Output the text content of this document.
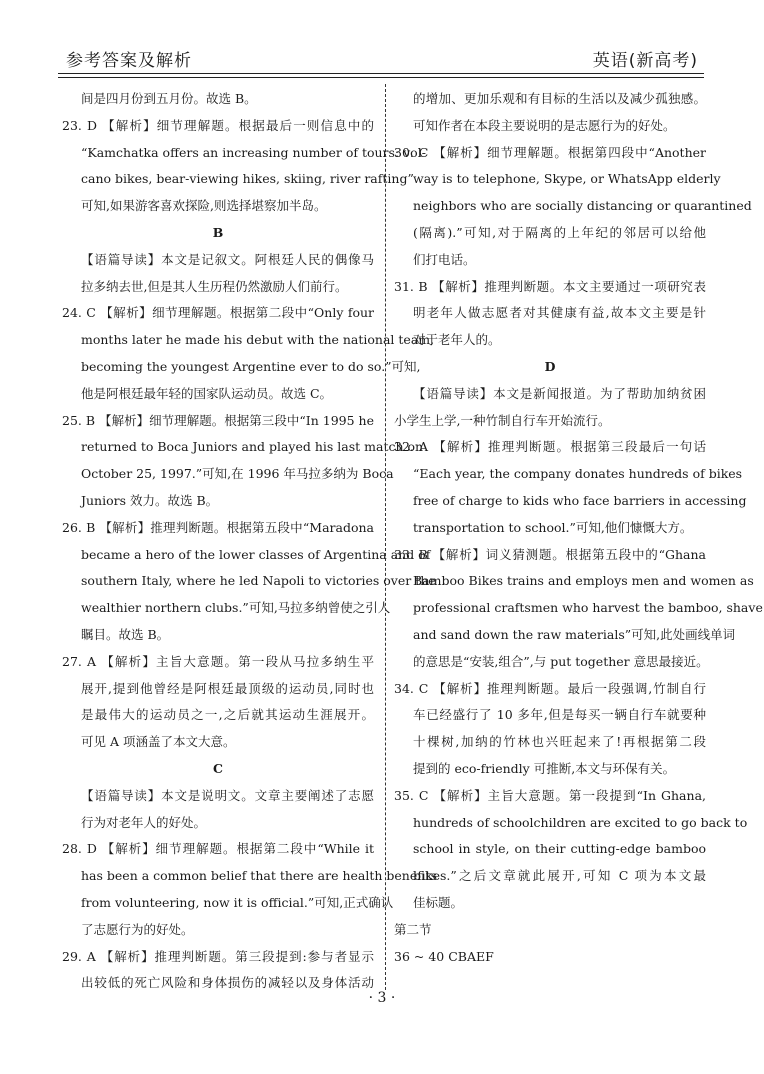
参考答案及解析	英语(新高考)
间是四月份到五月份。故选 B。
23. D 【解析】细节理解题。根据最后一则信息中的
“Kamchatka offers an increasing number of tours: vol-
cano bikes, bear-viewing hikes, skiing, river rafting”
可知,如果游客喜欢探险,则选择堪察加半岛。
B
【语篇导读】本文是记叙文。阿根廷人民的偶像马
拉多纳去世,但是其人生历程仍然激励人们前行。
24. C 【解析】细节理解题。根据第二段中“Only four
months later he made his debut with the national team,
becoming the youngest Argentine ever to do so.”可知,
他是阿根廷最年轻的国家队运动员。故选 C。
25. B 【解析】细节理解题。根据第三段中“In 1995 he
returned to Boca Juniors and played his last match on
October 25, 1997.”可知,在 1996 年马拉多纳为 Boca
Juniors 效力。故选 B。
26. B 【解析】推理判断题。根据第五段中“Maradona
became a hero of the lower classes of Argentina and of
southern Italy, where he led Napoli to victories over the
wealthier northern clubs.”可知,马拉多纳曾使之引人
瞩目。故选 B。
27. A 【解析】主旨大意题。第一段从马拉多纳生平
展开,提到他曾经是阿根廷最顶级的运动员,同时也
是最伟大的运动员之一,之后就其运动生涯展开。
可见 A 项涵盖了本文大意。
C
【语篇导读】本文是说明文。文章主要阐述了志愿
行为对老年人的好处。
28. D 【解析】细节理解题。根据第二段中“While it
has been a common belief that there are health benefits
from volunteering, now it is official.”可知,正式确认
了志愿行为的好处。
29. A 【解析】推理判断题。第三段提到:参与者显示
出较低的死亡风险和身体损伤的减轻以及身体活动
的增加、更加乐观和有目标的生活以及减少孤独感。
可知作者在本段主要说明的是志愿行为的好处。
30. C 【解析】细节理解题。根据第四段中“Another
way is to telephone, Skype, or WhatsApp elderly
neighbors who are socially distancing or quarantined
(隔离).”可知,对于隔离的上年纪的邻居可以给他
们打电话。
31. B 【解析】推理判断题。本文主要通过一项研究表
明老年人做志愿者对其健康有益,故本文主要是针
对于老年人的。
D
【语篇导读】本文是新闻报道。为了帮助加纳贫困
小学生上学,一种竹制自行车开始流行。
32. A 【解析】推理判断题。根据第三段最后一句话
“Each year, the company donates hundreds of bikes
free of charge to kids who face barriers in accessing
transportation to school.”可知,他们慷慨大方。
33. B 【解析】词义猜测题。根据第五段中的“Ghana
Bamboo Bikes trains and employs men and women as
professional craftsmen who harvest the bamboo, shave
and sand down the raw materials”可知,此处画线单词
的意思是“安装,组合”,与 put together 意思最接近。
34. C 【解析】推理判断题。最后一段强调,竹制自行
车已经盛行了 10 多年,但是每买一辆自行车就要种
十棵树,加纳的竹林也兴旺起来了!再根据第二段
提到的 eco-friendly 可推断,本文与环保有关。
35. C 【解析】主旨大意题。第一段提到“In Ghana,
hundreds of schoolchildren are excited to go back to
school in style, on their cutting-edge bamboo
bikes.”之后文章就此展开,可知 C 项为本文最
佳标题。
第二节
36 ~ 40 CBAEF
· 3 ·
